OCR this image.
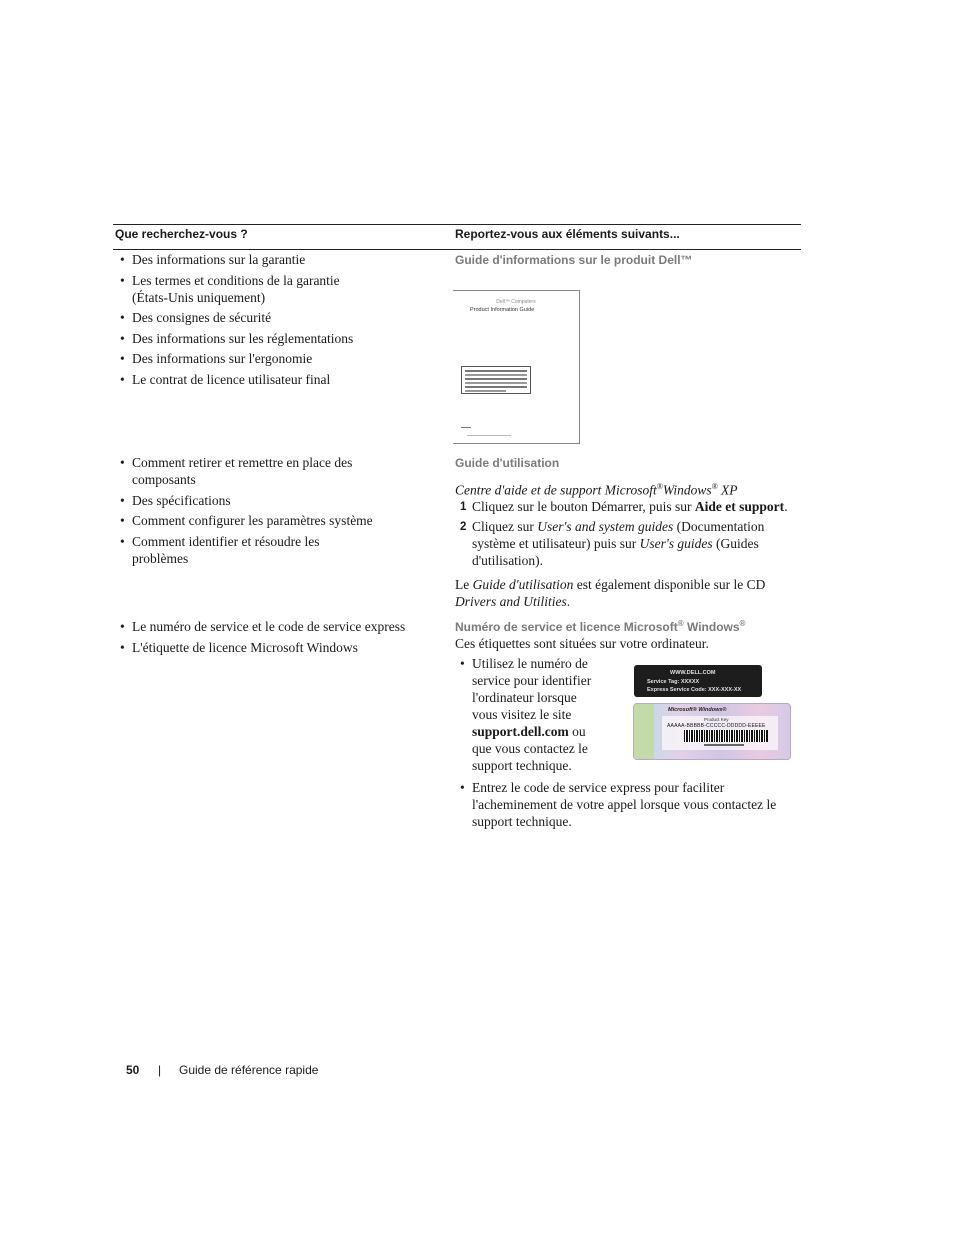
Que recherchez-vous ?	Reportez-vous aux éléments suivants...
• Des informations sur la garantie
• Les termes et conditions de la garantie (États-Unis uniquement)
• Des consignes de sécurité
• Des informations sur les réglementations
• Des informations sur l'ergonomie
• Le contrat de licence utilisateur final
Guide d'informations sur le produit Dell™
Dell™ Computers
Product Information Guide
• Comment retirer et remettre en place des composants
• Des spécifications
• Comment configurer les paramètres système
• Comment identifier et résoudre les problèmes
Guide d'utilisation
Centre d'aide et de support Microsoft®Windows® XP
1 Cliquez sur le bouton Démarrer, puis sur Aide et support.
2 Cliquez sur User's and system guides (Documentation système et utilisateur) puis sur User's guides (Guides d'utilisation).
Le Guide d'utilisation est également disponible sur le CD Drivers and Utilities.
• Le numéro de service et le code de service express
• L'étiquette de licence Microsoft Windows
Numéro de service et licence Microsoft® Windows®
Ces étiquettes sont situées sur votre ordinateur.
• Utilisez le numéro de service pour identifier l'ordinateur lorsque vous visitez le site support.dell.com ou que vous contactez le support technique.
• Entrez le code de service express pour faciliter l'acheminement de votre appel lorsque vous contactez le support technique.
WWW.DELL.COM
Service Tag: XXXXX
Express Service Code: XXX-XXX-XX
Microsoft® Windows®
Product Key
AAAAA-BBBBB-CCCCC-DDDDD-EEEEE
50 | Guide de référence rapide
